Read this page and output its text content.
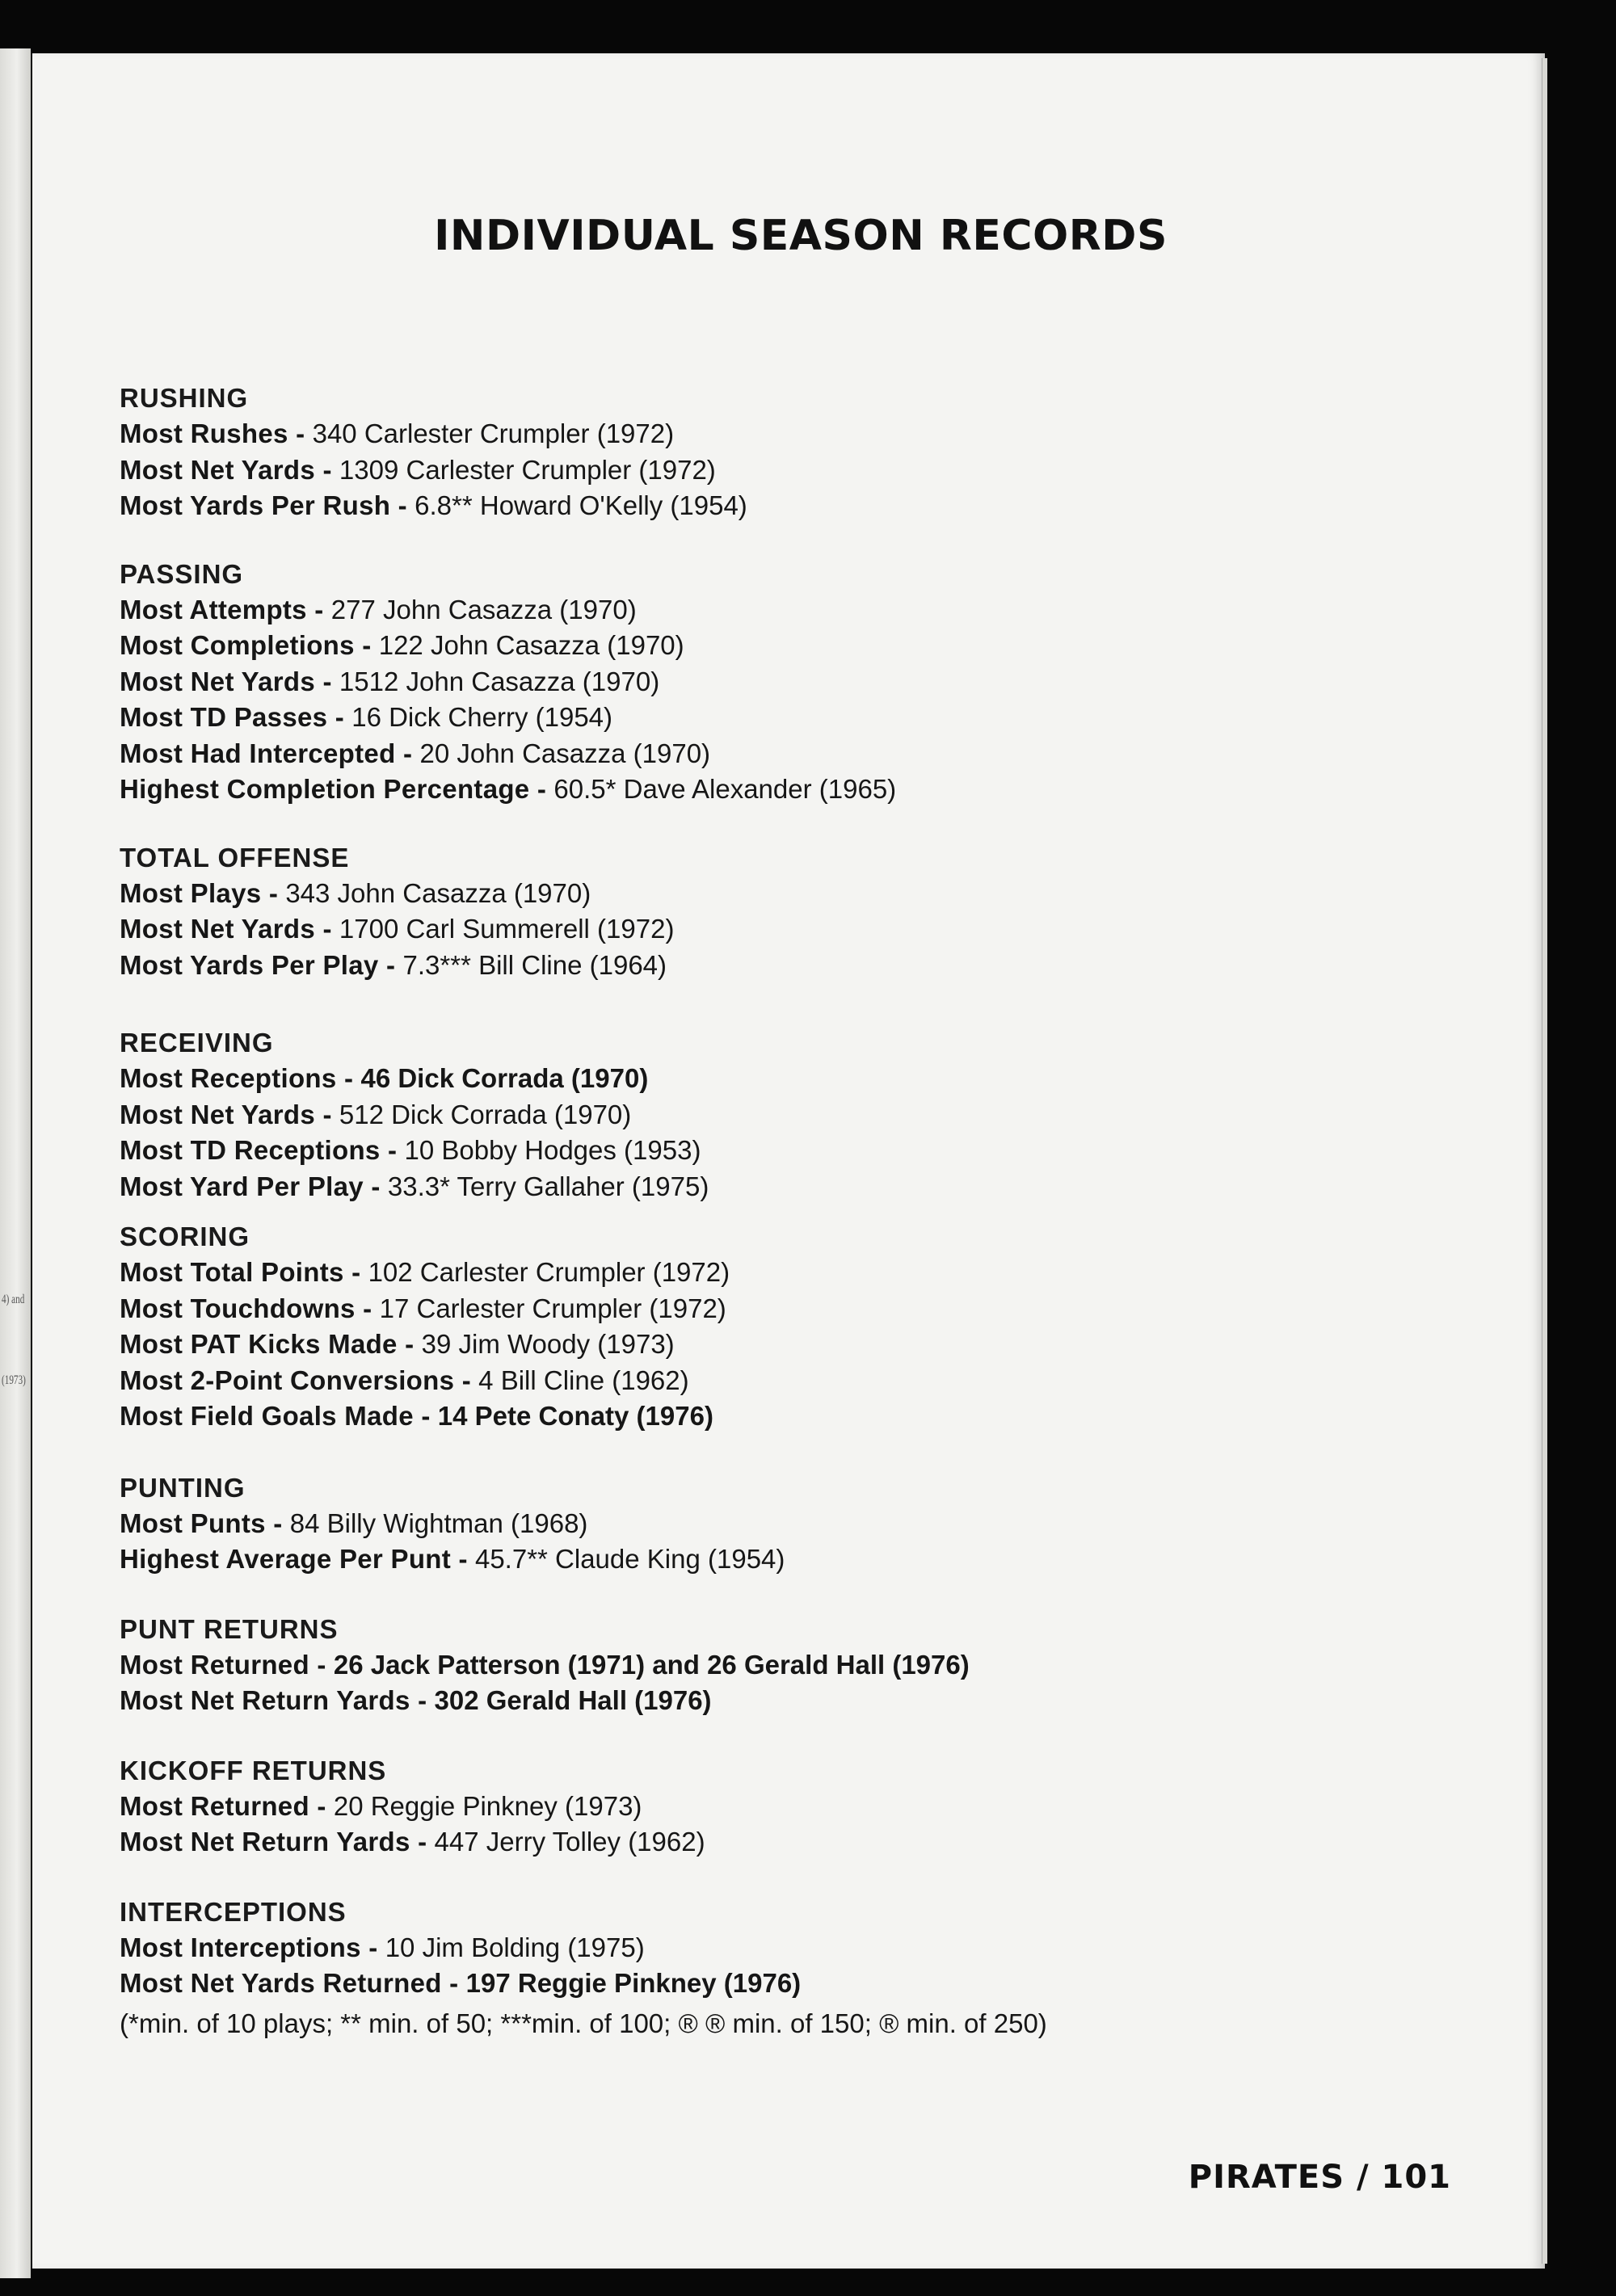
4) and
(1973)
INDIVIDUAL SEASON RECORDS
RUSHING
Most Rushes - 340 Carlester Crumpler (1972)
Most Net Yards - 1309 Carlester Crumpler (1972)
Most Yards Per Rush - 6.8** Howard O'Kelly (1954)
PASSING
Most Attempts - 277 John Casazza (1970)
Most Completions - 122 John Casazza (1970)
Most Net Yards - 1512 John Casazza (1970)
Most TD Passes - 16 Dick Cherry (1954)
Most Had Intercepted - 20 John Casazza (1970)
Highest Completion Percentage - 60.5* Dave Alexander (1965)
TOTAL OFFENSE
Most Plays - 343 John Casazza (1970)
Most Net Yards - 1700 Carl Summerell (1972)
Most Yards Per Play - 7.3*** Bill Cline (1964)
RECEIVING
Most Receptions - 46 Dick Corrada (1970)
Most Net Yards - 512 Dick Corrada (1970)
Most TD Receptions - 10 Bobby Hodges (1953)
Most Yard Per Play - 33.3* Terry Gallaher (1975)
SCORING
Most Total Points - 102 Carlester Crumpler (1972)
Most Touchdowns - 17 Carlester Crumpler (1972)
Most PAT Kicks Made - 39 Jim Woody (1973)
Most 2-Point Conversions - 4 Bill Cline (1962)
Most Field Goals Made - 14 Pete Conaty (1976)
PUNTING
Most Punts - 84 Billy Wightman (1968)
Highest Average Per Punt - 45.7** Claude King (1954)
PUNT RETURNS
Most Returned - 26 Jack Patterson (1971) and 26 Gerald Hall (1976)
Most Net Return Yards - 302 Gerald Hall (1976)
KICKOFF RETURNS
Most Returned - 20 Reggie Pinkney (1973)
Most Net Return Yards - 447 Jerry Tolley (1962)
INTERCEPTIONS
Most Interceptions - 10 Jim Bolding (1975)
Most Net Yards Returned - 197 Reggie Pinkney (1976)
(*min. of 10 plays; ** min. of 50; ***min. of 100; ® ® min. of 150; ® min. of 250)
PIRATES / 101
